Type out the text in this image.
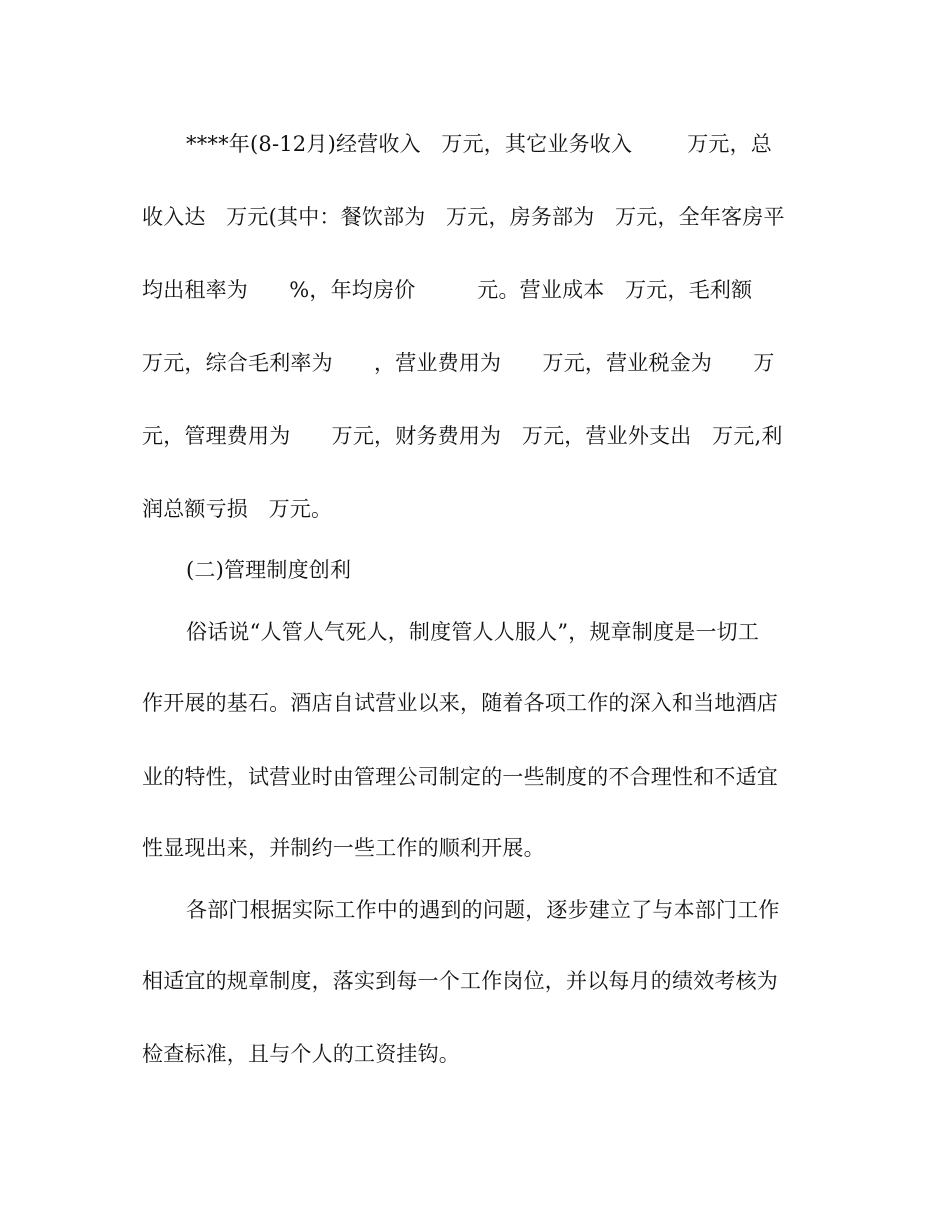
****年(8-12月)经营收入   万元，其它业务收入        万元，总
收入达   万元(其中：餐饮部为   万元，房务部为   万元，全年客房平
均出租率为      %，年均房价         元。营业成本   万元，毛利额
万元，综合毛利率为      ，营业费用为      万元，营业税金为      万
元，管理费用为      万元，财务费用为   万元，营业外支出   万元,利
润总额亏损   万元。
(二)管理制度创利
俗话说“人管人气死人，制度管人人服人”，规章制度是一切工
作开展的基石。酒店自试营业以来，随着各项工作的深入和当地酒店
业的特性，试营业时由管理公司制定的一些制度的不合理性和不适宜
性显现出来，并制约一些工作的顺利开展。
各部门根据实际工作中的遇到的问题，逐步建立了与本部门工作
相适宜的规章制度，落实到每一个工作岗位，并以每月的绩效考核为
检查标准，且与个人的工资挂钩。
